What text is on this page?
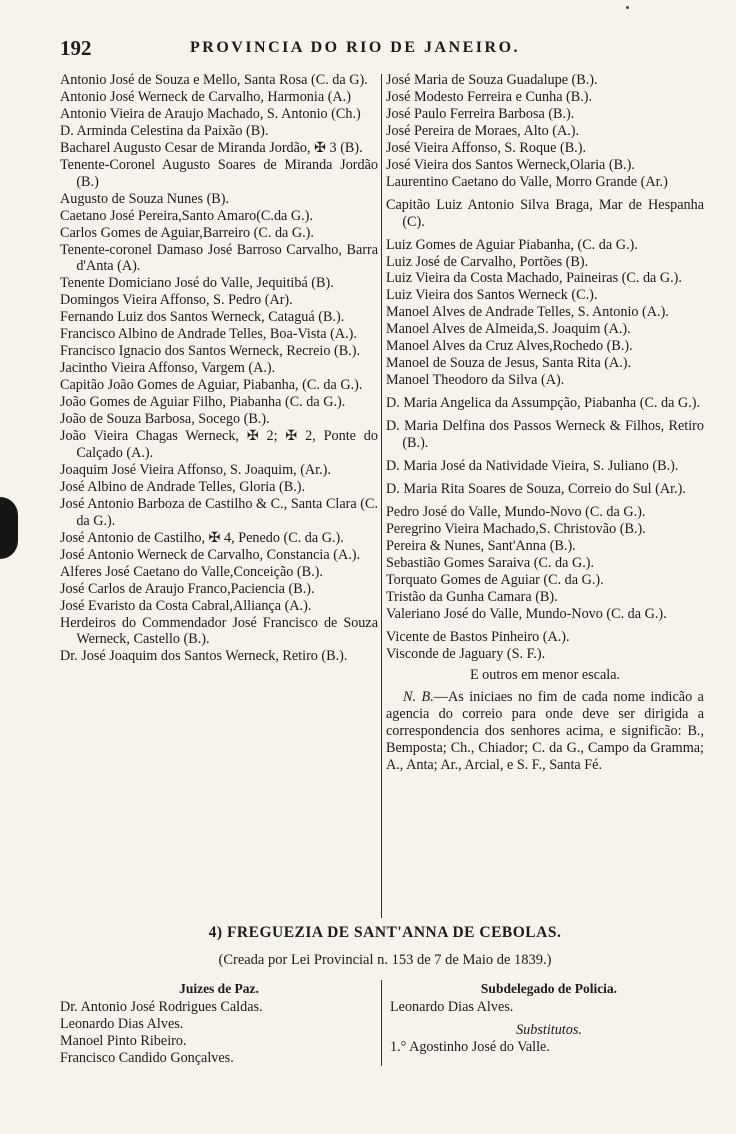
192	PROVINCIA DO RIO DE JANEIRO.

Antonio José de Souza e Mello, Santa Rosa (C. da G).

Antonio José Werneck de Carvalho, Harmonia (A.)

Antonio Vieira de Araujo Machado, S. Antonio (Ch.)

D. Arminda Celestina da Paixão (B).

Bacharel Augusto Cesar de Miranda Jordão, ✠ 3 (B).

Tenente-Coronel Augusto Soares de Miranda Jordão (B.)

Augusto de Souza Nunes (B).

Caetano José Pereira,Santo Amaro(C.da G.).

Carlos Gomes de Aguiar,Barreiro (C. da G.).

Tenente-coronel Damaso José Barroso Carvalho, Barra d'Anta (A).

Tenente Domiciano José do Valle, Jequitibá (B).

Domingos Vieira Affonso, S. Pedro (Ar).

Fernando Luiz dos Santos Werneck, Cataguá (B.).

Francisco Albino de Andrade Telles, Boa-Vista (A.).

Francisco Ignacio dos Santos Werneck, Recreio (B.).

Jacintho Vieira Affonso, Vargem (A.).

Capitão João Gomes de Aguiar, Piabanha, (C. da G.).

João Gomes de Aguiar Filho, Piabanha (C. da G.).

João de Souza Barbosa, Socego (B.).

João Vieira Chagas Werneck, ✠ 2; ✠ 2, Ponte do Calçado (A.).

Joaquim José Vieira Affonso, S. Joaquim, (Ar.).

José Albino de Andrade Telles, Gloria (B.).

José Antonio Barboza de Castilho & C., Santa Clara (C. da G.).

José Antonio de Castilho, ✠ 4, Penedo (C. da G.).

José Antonio Werneck de Carvalho, Constancia (A.).

Alferes José Caetano do Valle,Conceição (B.).

José Carlos de Araujo Franco,Paciencia (B.).

José Evaristo da Costa Cabral,Alliança (A.).

Herdeiros do Commendador José Francisco de Souza Werneck, Castello (B.).

Dr. José Joaquim dos Santos Werneck, Retiro (B.).

José Maria de Souza Guadalupe (B.).

José Modesto Ferreira e Cunha (B.).

José Paulo Ferreira Barbosa (B.).

José Pereira de Moraes, Alto (A.).

José Vieira Affonso, S. Roque (B.).

José Vieira dos Santos Werneck,Olaria (B.).

Laurentino Caetano do Valle, Morro Grande (Ar.)

Capitão Luiz Antonio Silva Braga, Mar de Hespanha (C).

Luiz Gomes de Aguiar Piabanha, (C. da G.).

Luiz José de Carvalho, Portões (B).

Luiz Vieira da Costa Machado, Paineiras (C. da G.).

Luiz Vieira dos Santos Werneck (C.).

Manoel Alves de Andrade Telles, S. Antonio (A.).

Manoel Alves de Almeida,S. Joaquim (A.).

Manoel Alves da Cruz Alves,Rochedo (B.).

Manoel de Souza de Jesus, Santa Rita (A.).

Manoel Theodoro da Silva (A).

D. Maria Angelica da Assumpção, Piabanha (C. da G.).

D. Maria Delfina dos Passos Werneck & Filhos, Retiro (B.).

D. Maria José da Natividade Vieira, S. Juliano (B.).

D. Maria Rita Soares de Souza, Correio do Sul (Ar.).

Pedro José do Valle, Mundo-Novo (C. da G.).

Peregrino Vieira Machado,S. Christovão (B.).

Pereira & Nunes, Sant'Anna (B.).

Sebastião Gomes Saraiva (C. da G.).

Torquato Gomes de Aguiar (C. da G.).

Tristão da Gunha Camara (B).

Valeriano José do Valle, Mundo-Novo (C. da G.).

Vicente de Bastos Pinheiro (A.).

Visconde de Jaguary (S. F.).

E outros em menor escala.

N. B.—As iniciaes no fim de cada nome indicão a agencia do correio para onde deve ser dirigida a correspondencia dos senhores acima, e significão: B., Bemposta; Ch., Chiador; C. da G., Campo da Gramma; A., Anta; Ar., Arcial, e S. F., Santa Fé.

4) FREGUEZIA DE SANT'ANNA DE CEBOLAS.
(Creada por Lei Provincial n. 153 de 7 de Maio de 1839.)
Juizes de Paz.
Dr. Antonio José Rodrigues Caldas.
Leonardo Dias Alves.
Manoel Pinto Ribeiro.
Francisco Candido Gonçalves.
Subdelegado de Policia.
Leonardo Dias Alves.
Substitutos.
1.° Agostinho José do Valle.
